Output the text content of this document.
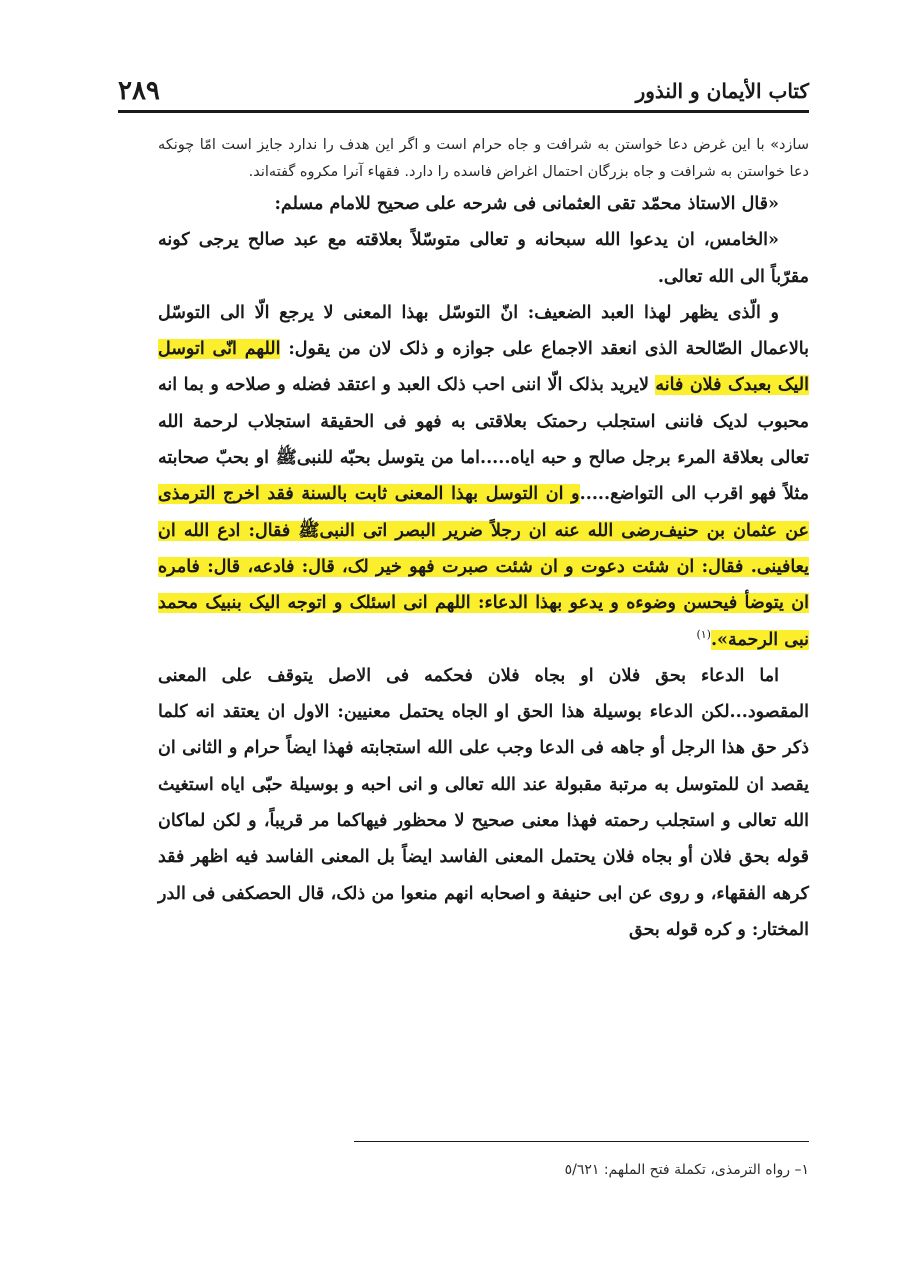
٢٨٩	کتاب الأیمان و النذور

سازد» با این غرض دعا خواستن به شرافت و جاه حرام است و اگر این هدف را ندارد جایز است امّا چونکه دعا خواستن به شرافت و جاه بزرگان احتمال اغراض فاسده را دارد. فقهاء آنرا مکروه گفته‌اند.

«قال الاستاذ محمّد تقی العثمانی فی شرحه علی صحیح للامام مسلم:

«الخامس، ان یدعوا الله سبحانه و تعالی متوسّلاً بعلاقته مع عبد صالح یرجی کونه مقرّباً الی الله تعالی.

و الّذی یظهر لهذا العبد الضعیف: انّ التوسّل بهذا المعنی لا یرجع الّا الی التوسّل بالاعمال الصّالحة الذی انعقد الاجماع علی جوازه و ذلک لان من یقول: اللهم انّی اتوسل الیک بعبدک فلان فانه لایرید بذلک الّا اننی احب ذلک العبد و اعتقد فضله و صلاحه و بما انه محبوب لدیک فاننی استجلب رحمتک بعلاقتی به فهو فی الحقیقة استجلاب لرحمة الله تعالی بعلاقة المرء برجل صالح و حبه ایاه.....اما من یتوسل بحبّه للنبیﷺ او بحبّ صحابته مثلاً فهو اقرب الی التواضع.....و ان التوسل بهذا المعنی ثابت بالسنة فقد اخرج الترمذی عن عثمان بن حنیف‌رضی الله عنه ان رجلاً ضریر البصر اتی النبیﷺ فقال: ادع الله ان یعافینی. فقال: ان شئت دعوت و ان شئت صبرت فهو خیر لک، قال: فادعه، قال: فامره ان یتوضأ فیحسن وضوءه و یدعو بهذا الدعاء: اللهم انی اسئلک و اتوجه الیک بنبیک محمد نبی الرحمة».$^{(١)}$

اما الدعاء بحق فلان او بجاه فلان فحکمه فی الاصل یتوقف علی المعنی المقصود...لکن الدعاء بوسیلة هذا الحق او الجاه یحتمل معنیین: الاول ان یعتقد انه کلما ذکر حق هذا الرجل أو جاهه فی الدعا وجب علی الله استجابته فهذا ایضاً حرام و الثانی ان یقصد ان للمتوسل به مرتبة مقبولة عند الله تعالی و انی احبه و بوسیلة حبّی ایاه استغیث الله تعالی و استجلب رحمته فهذا معنی صحیح لا محظور فیهاکما مر قریباً، و لکن لماکان قوله بحق فلان أو بجاه فلان یحتمل المعنی الفاسد ایضاً بل المعنی الفاسد فیه اظهر فقد کرهه الفقهاء، و روی عن ابی حنیفة و اصحابه انهم منعوا من ذلک، قال الحصکفی فی الدر المختار: و کره قوله بحق

١– رواه الترمذی، تکملة فتح الملهم: ٥/٦٢١
